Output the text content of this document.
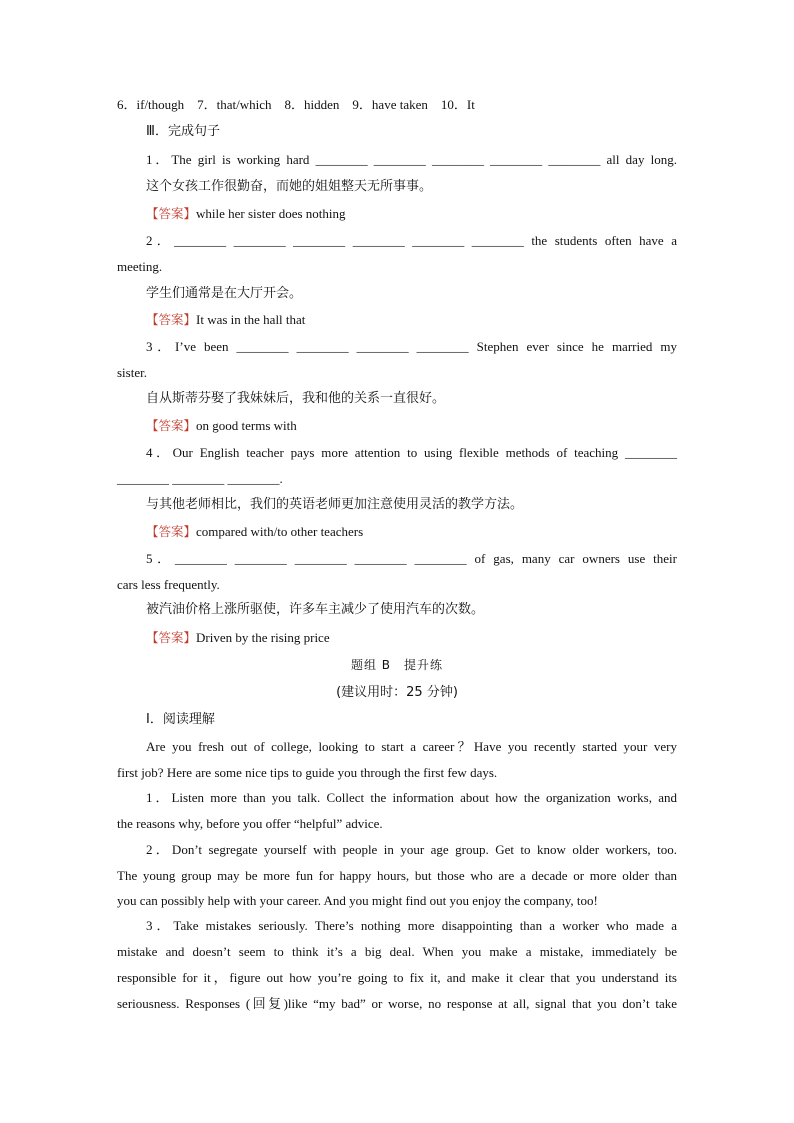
6．if/though　7．that/which　8．hidden　9．have taken　10．It
Ⅲ．完成句子
1．The girl is working hard ________ ________ ________ ________ ________ all day long.
这个女孩工作很勤奋，而她的姐姐整天无所事事。
【答案】while her sister does nothing
2．________ ________ ________ ________ ________ ________ the students often have a
meeting.
学生们通常是在大厅开会。
【答案】It was in the hall that
3．I’ve been ________ ________ ________ ________ Stephen ever since he married my
sister.
自从斯蒂芬娶了我妹妹后，我和他的关系一直很好。
【答案】on good terms with
4．Our English teacher pays more attention to using flexible methods of teaching ________
________ ________ ________.
与其他老师相比，我们的英语老师更加注意使用灵活的教学方法。
【答案】compared with/to other teachers
5．________ ________ ________ ________ ________ of gas, many car owners use their
cars less frequently.
被汽油价格上涨所驱使，许多车主减少了使用汽车的次数。
【答案】Driven by the rising price
题组 B　提升练
(建议用时：25 分钟)
Ⅰ．阅读理解
Are you fresh out of college, looking to start a career？Have you recently started your very
first job? Here are some nice tips to guide you through the first few days.
1．Listen more than you talk. Collect the information about how the organization works, and
the reasons why, before you offer “helpful” advice.
2．Don’t segregate yourself with people in your age group. Get to know older workers, too.
The young group may be more fun for happy hours, but those who are a decade or more older than
you can possibly help with your career. And you might find out you enjoy the company, too!
3．Take mistakes seriously. There’s nothing more disappointing than a worker who made a
mistake and doesn’t seem to think it’s a big deal. When you make a mistake, immediately be
responsible for it，figure out how you’re going to fix it, and make it clear that you understand its
seriousness. Responses (回复)like “my bad” or worse, no response at all, signal that you don’t take
